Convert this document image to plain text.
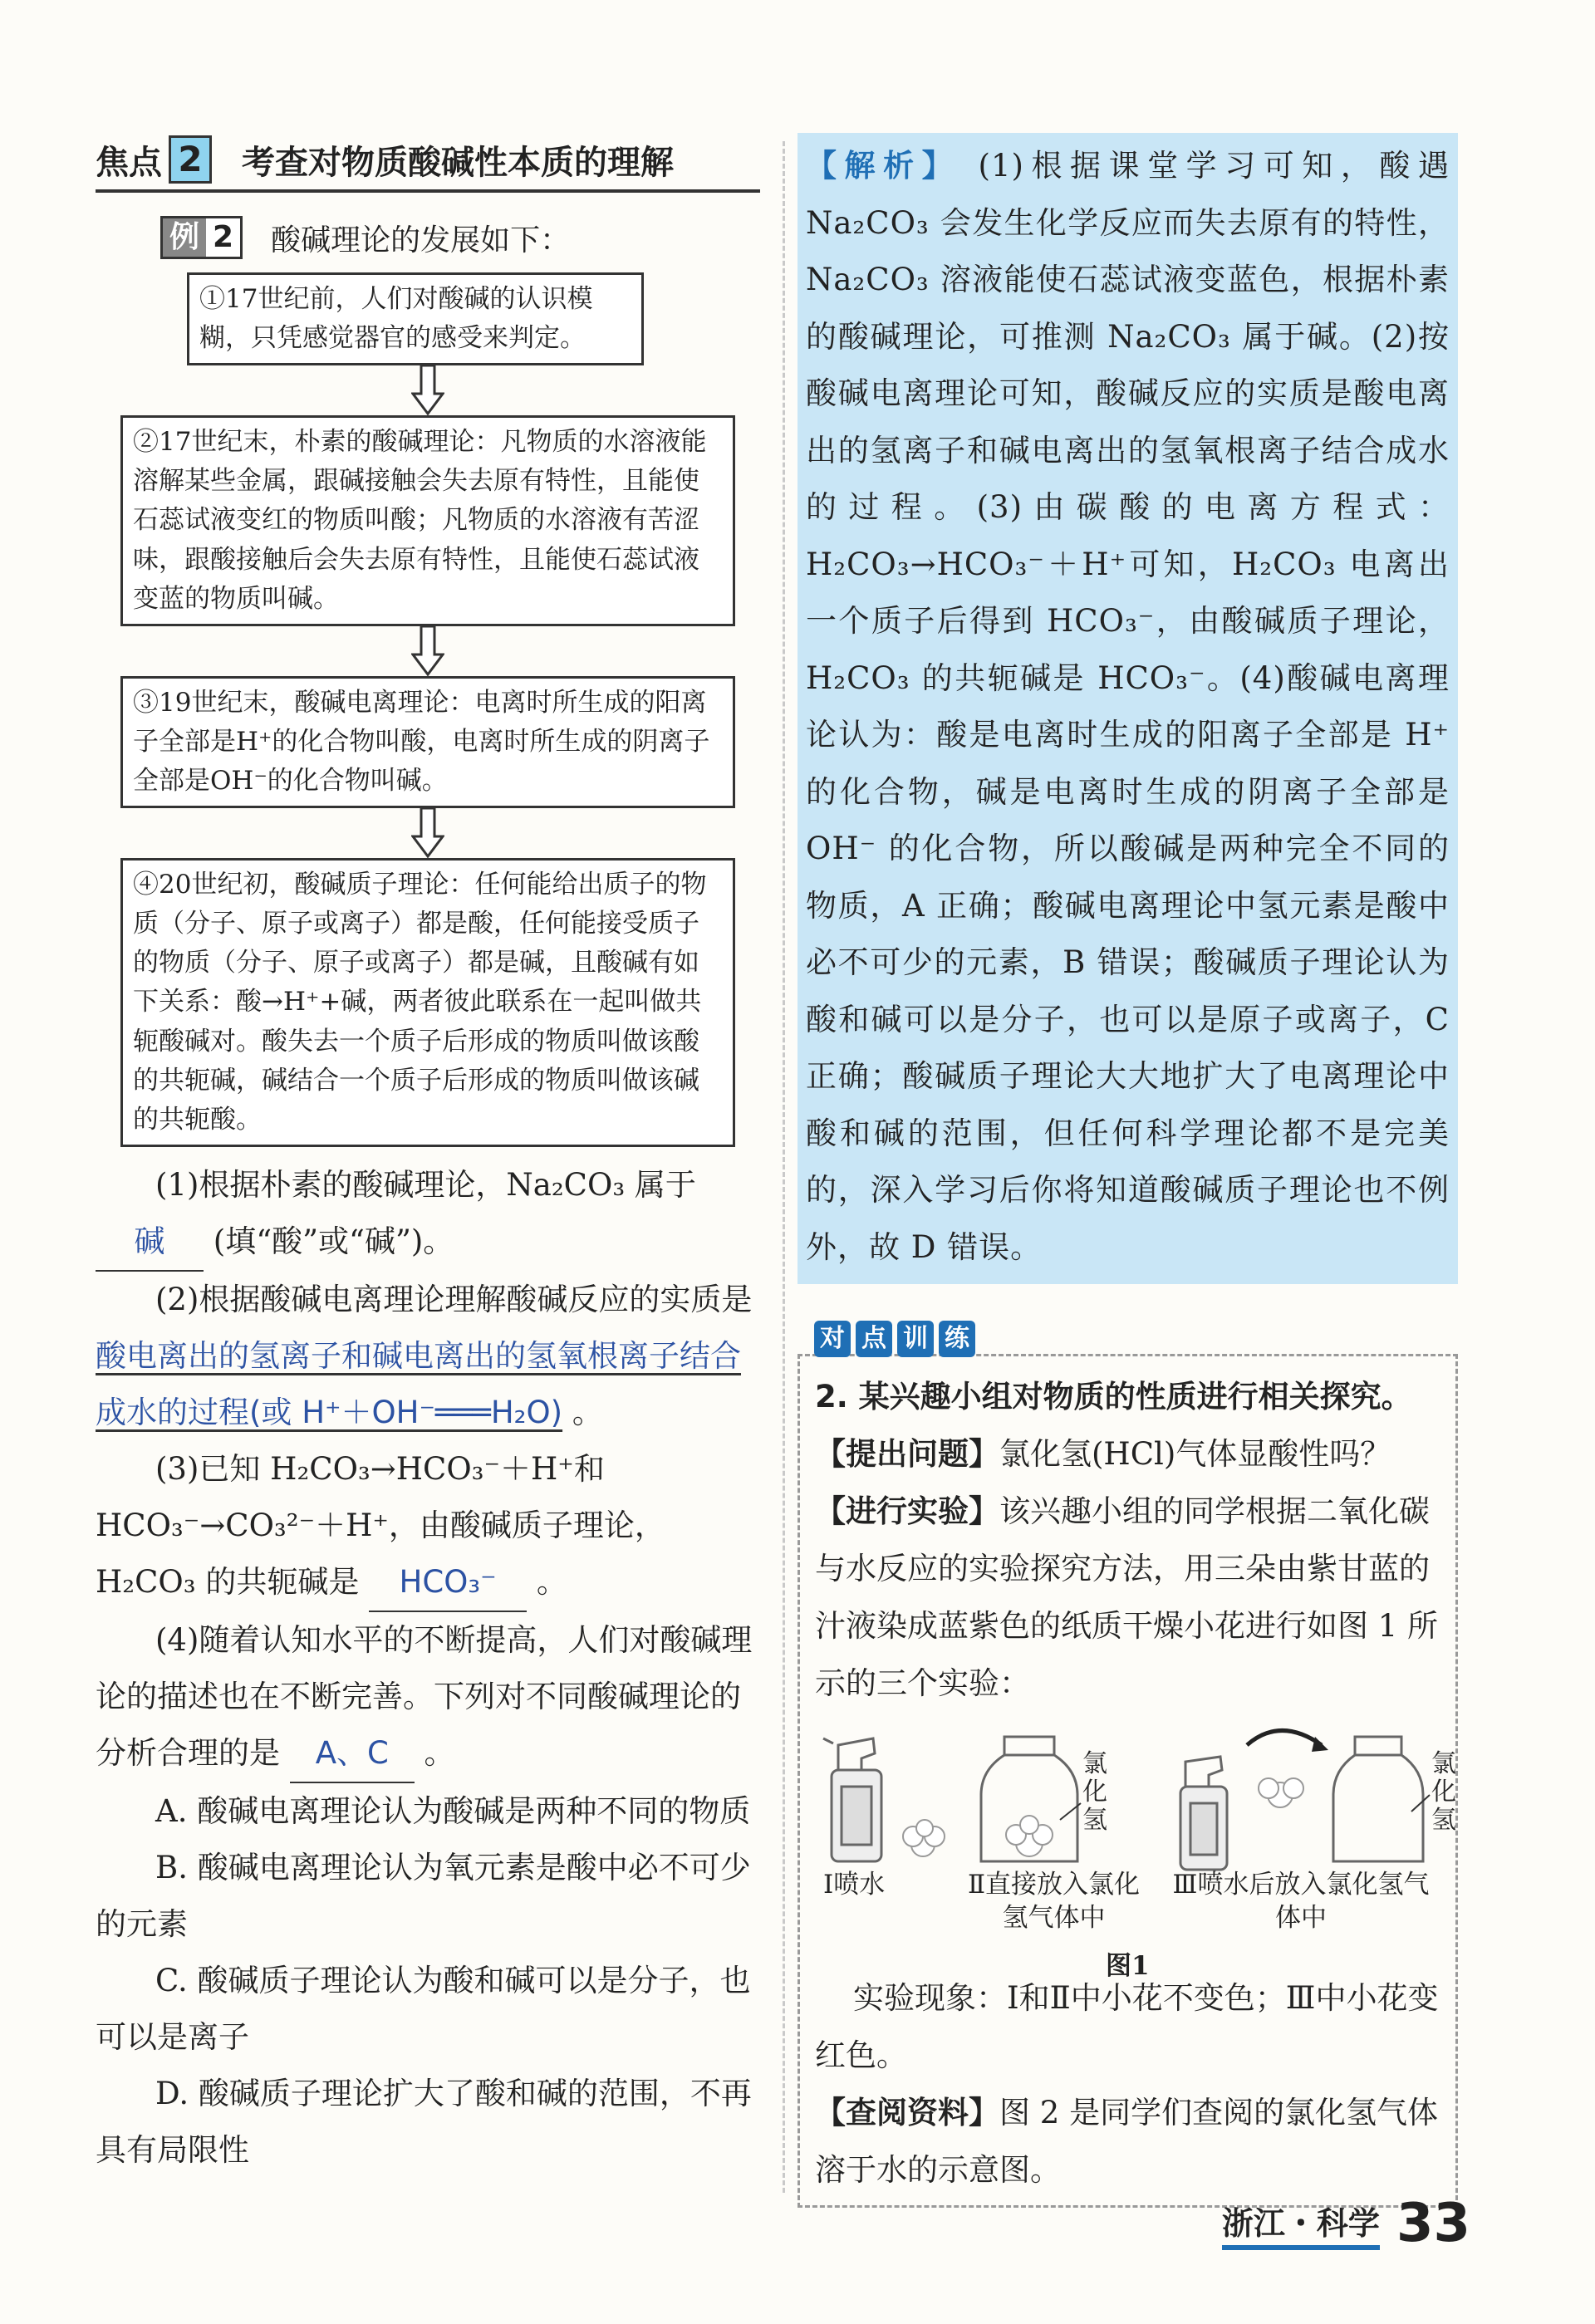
焦点 2 考查对物质酸碱性本质的理解
例 2 酸碱理论的发展如下：
①17世纪前，人们对酸碱的认识模糊，只凭感觉器官的感受来判定。
②17世纪末，朴素的酸碱理论：凡物质的水溶液能溶解某些金属，跟碱接触会失去原有特性，且能使石蕊试液变红的物质叫酸；凡物质的水溶液有苦涩味，跟酸接触后会失去原有特性，且能使石蕊试液变蓝的物质叫碱。
③19世纪末，酸碱电离理论：电离时所生成的阳离子全部是H⁺的化合物叫酸，电离时所生成的阴离子全部是OH⁻的化合物叫碱。
④20世纪初，酸碱质子理论：任何能给出质子的物质（分子、原子或离子）都是酸，任何能接受质子的物质（分子、原子或离子）都是碱，且酸碱有如下关系：酸→H⁺+碱，两者彼此联系在一起叫做共轭酸碱对。酸失去一个质子后形成的物质叫做该酸的共轭碱，碱结合一个质子后形成的物质叫做该碱的共轭酸。
(1)根据朴素的酸碱理论，Na₂CO₃ 属于 碱 (填“酸”或“碱”)。
(2)根据酸碱电离理论理解酸碱反应的实质是 酸电离出的氢离子和碱电离出的氢氧根离子结合成水的过程(或 H⁺＋OH⁻═══H₂O) 。
(3)已知 H₂CO₃→HCO₃⁻＋H⁺和 HCO₃⁻→CO₃²⁻＋H⁺，由酸碱质子理论，H₂CO₃ 的共轭碱是 HCO₃⁻ 。
(4)随着认知水平的不断提高，人们对酸碱理论的描述也在不断完善。下列对不同酸碱理论的分析合理的是 A、C 。
A. 酸碱电离理论认为酸碱是两种不同的物质
B. 酸碱电离理论认为氧元素是酸中必不可少的元素
C. 酸碱质子理论认为酸和碱可以是分子，也可以是离子
D. 酸碱质子理论扩大了酸和碱的范围，不再具有局限性
【解析】 (1)根据课堂学习可知，酸遇 Na₂CO₃ 会发生化学反应而失去原有的特性，Na₂CO₃ 溶液能使石蕊试液变蓝色，根据朴素的酸碱理论，可推测 Na₂CO₃ 属于碱。(2)按酸碱电离理论可知，酸碱反应的实质是酸电离出的氢离子和碱电离出的氢氧根离子结合成水的过程。(3)由碳酸的电离方程式：H₂CO₃→HCO₃⁻＋H⁺可知，H₂CO₃ 电离出一个质子后得到 HCO₃⁻，由酸碱质子理论，H₂CO₃ 的共轭碱是 HCO₃⁻。(4)酸碱电离理论认为：酸是电离时生成的阳离子全部是 H⁺ 的化合物，碱是电离时生成的阴离子全部是 OH⁻ 的化合物，所以酸碱是两种完全不同的物质，A 正确；酸碱电离理论中氢元素是酸中必不可少的元素，B 错误；酸碱质子理论认为酸和碱可以是分子，也可以是原子或离子，C 正确；酸碱质子理论大大地扩大了电离理论中酸和碱的范围，但任何科学理论都不是完美的，深入学习后你将知道酸碱质子理论也不例外，故 D 错误。
对 点 训 练
2. 某兴趣小组对物质的性质进行相关探究。
【提出问题】氯化氢(HCl)气体显酸性吗？
【进行实验】该兴趣小组的同学根据二氧化碳与水反应的实验探究方法，用三朵由紫甘蓝的汁液染成蓝紫色的纸质干燥小花进行如图 1 所示的三个实验：
氯化氢
氯化氢
Ⅰ喷水	Ⅱ直接放入氯化氢气体中
Ⅲ喷水后放入氯化氢气体中
图1
实验现象：Ⅰ和Ⅱ中小花不变色；Ⅲ中小花变红色。
【查阅资料】图 2 是同学们查阅的氯化氢气体溶于水的示意图。
浙江・科学 33
